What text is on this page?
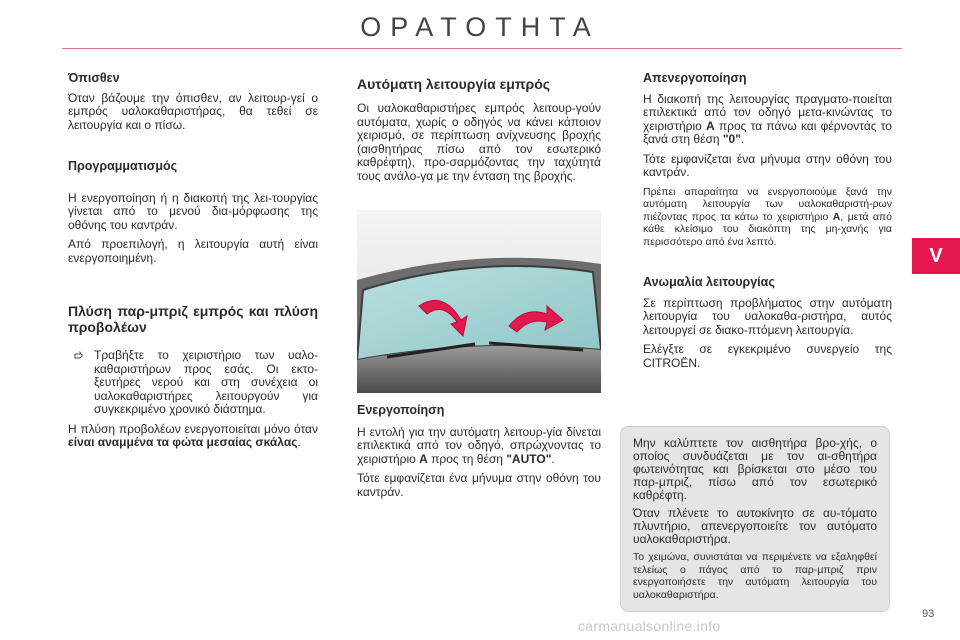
ΟΡΑΤΟΤΗΤΑ
V

Όπισθεν

Όταν βάζουμε την όπισθεν, αν λειτουρ-γεί ο εμπρός υαλοκαθαριστήρας, θα τεθεί σε λειτουργία και ο πίσω.

Προγραμματισμός

Η ενεργοποίηση ή η διακοπή της λει-τουργίας γίνεται από το μενού δια-μόρφωσης της οθόνης του καντράν.

Από προεπιλογή, η λειτουργία αυτή είναι ενεργοποιημένη.

Πλύση παρ-μπριζ εμπρός και πλύση προβολέων

Τραβήξτε το χειριστήριο των υαλο-καθαριστήρων προς εσάς. Οι εκτο-ξευτήρες νερού και στη συνέχεια οι υαλοκαθαριστήρες λειτουργούν για συγκεκριμένο χρονικό διάστημα.

Η πλύση προβολέων ενεργοποιείται μόνο όταν είναι αναμμένα τα φώτα μεσαίας σκάλας.

Αυτόματη λειτουργία εμπρός

Οι υαλοκαθαριστήρες εμπρός λειτουρ-γούν αυτόματα, χωρίς ο οδηγός να κάνει κάποιον χειρισμό, σε περίπτωση ανίχνευσης βροχής (αισθητήρας πίσω από τον εσωτερικό καθρέφτη), προ-σαρμόζοντας την ταχύτητά τους ανάλο-γα με την ένταση της βροχής.

Ενεργοποίηση

Η εντολή για την αυτόματη λειτουρ-γία δίνεται επιλεκτικά από τον οδηγό, σπρώχνοντας το χειριστήριο A προς τη θέση "AUTO".

Τότε εμφανίζεται ένα μήνυμα στην οθόνη του καντράν.

Απενεργοποίηση

Η διακοπή της λειτουργίας πραγματο-ποιείται επιλεκτικά από τον οδηγό μετα-κινώντας το χειριστήριο A προς τα πάνω και φέρνοντάς το ξανά στη θέση "0".

Τότε εμφανίζεται ένα μήνυμα στην οθόνη του καντράν.

Πρέπει απαραίτητα να ενεργοποιούμε ξανά την αυτόματη λειτουργία των υαλοκαθαριστή-ρων πιέζοντας προς τα κάτω το χειριστήριο A, μετά από κάθε κλείσιμο του διακόπτη της μη-χανής για περισσότερο από ένα λεπτό.

Ανωμαλία λειτουργίας

Σε περίπτωση προβλήματος στην αυτόματη λειτουργία του υαλοκαθα-ριστήρα, αυτός λειτουργεί σε διακο-πτόμενη λειτουργία.

Ελέγξτε σε εγκεκριμένο συνεργείο της CITROËN.

Μην καλύπτετε τον αισθητήρα βρο-χής, ο οποίος συνδυάζεται με τον αι-σθητήρα φωτεινότητας και βρίσκεται στο μέσο του παρ-μπριζ, πίσω από τον εσωτερικό καθρέφτη.

Όταν πλένετε το αυτοκίνητο σε αυ-τόματο πλυντήριο, απενεργοποιείτε τον αυτόματο υαλοκαθαριστήρα.

Το χειμώνα, συνιστάται να περιμένετε να εξαληφθεί τελείως ο πάγος από το παρ-μπριζ πριν ενεργοποιήσετε την αυτόματη λειτουργία του υαλοκαθαριστήρα.

93
carmanualsonline.info
